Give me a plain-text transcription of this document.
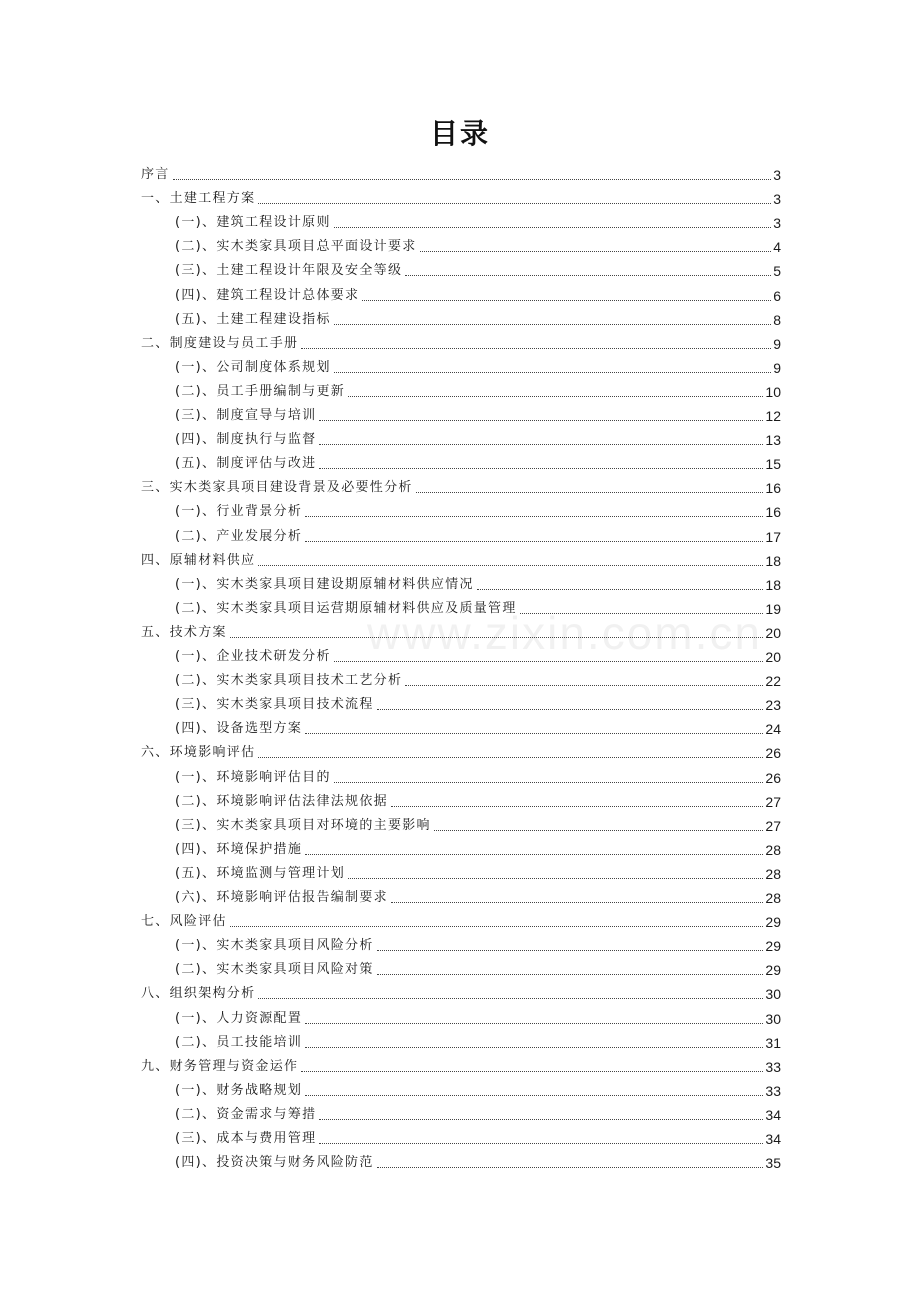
www.zixin.com.cn
目录
序言	3
一、土建工程方案	3
(一)、建筑工程设计原则	3
(二)、实木类家具项目总平面设计要求	4
(三)、土建工程设计年限及安全等级	5
(四)、建筑工程设计总体要求	6
(五)、土建工程建设指标	8
二、制度建设与员工手册	9
(一)、公司制度体系规划	9
(二)、员工手册编制与更新	10
(三)、制度宣导与培训	12
(四)、制度执行与监督	13
(五)、制度评估与改进	15
三、实木类家具项目建设背景及必要性分析	16
(一)、行业背景分析	16
(二)、产业发展分析	17
四、原辅材料供应	18
(一)、实木类家具项目建设期原辅材料供应情况	18
(二)、实木类家具项目运营期原辅材料供应及质量管理	19
五、技术方案	20
(一)、企业技术研发分析	20
(二)、实木类家具项目技术工艺分析	22
(三)、实木类家具项目技术流程	23
(四)、设备选型方案	24
六、环境影响评估	26
(一)、环境影响评估目的	26
(二)、环境影响评估法律法规依据	27
(三)、实木类家具项目对环境的主要影响	27
(四)、环境保护措施	28
(五)、环境监测与管理计划	28
(六)、环境影响评估报告编制要求	28
七、风险评估	29
(一)、实木类家具项目风险分析	29
(二)、实木类家具项目风险对策	29
八、组织架构分析	30
(一)、人力资源配置	30
(二)、员工技能培训	31
九、财务管理与资金运作	33
(一)、财务战略规划	33
(二)、资金需求与筹措	34
(三)、成本与费用管理	34
(四)、投资决策与财务风险防范	35
